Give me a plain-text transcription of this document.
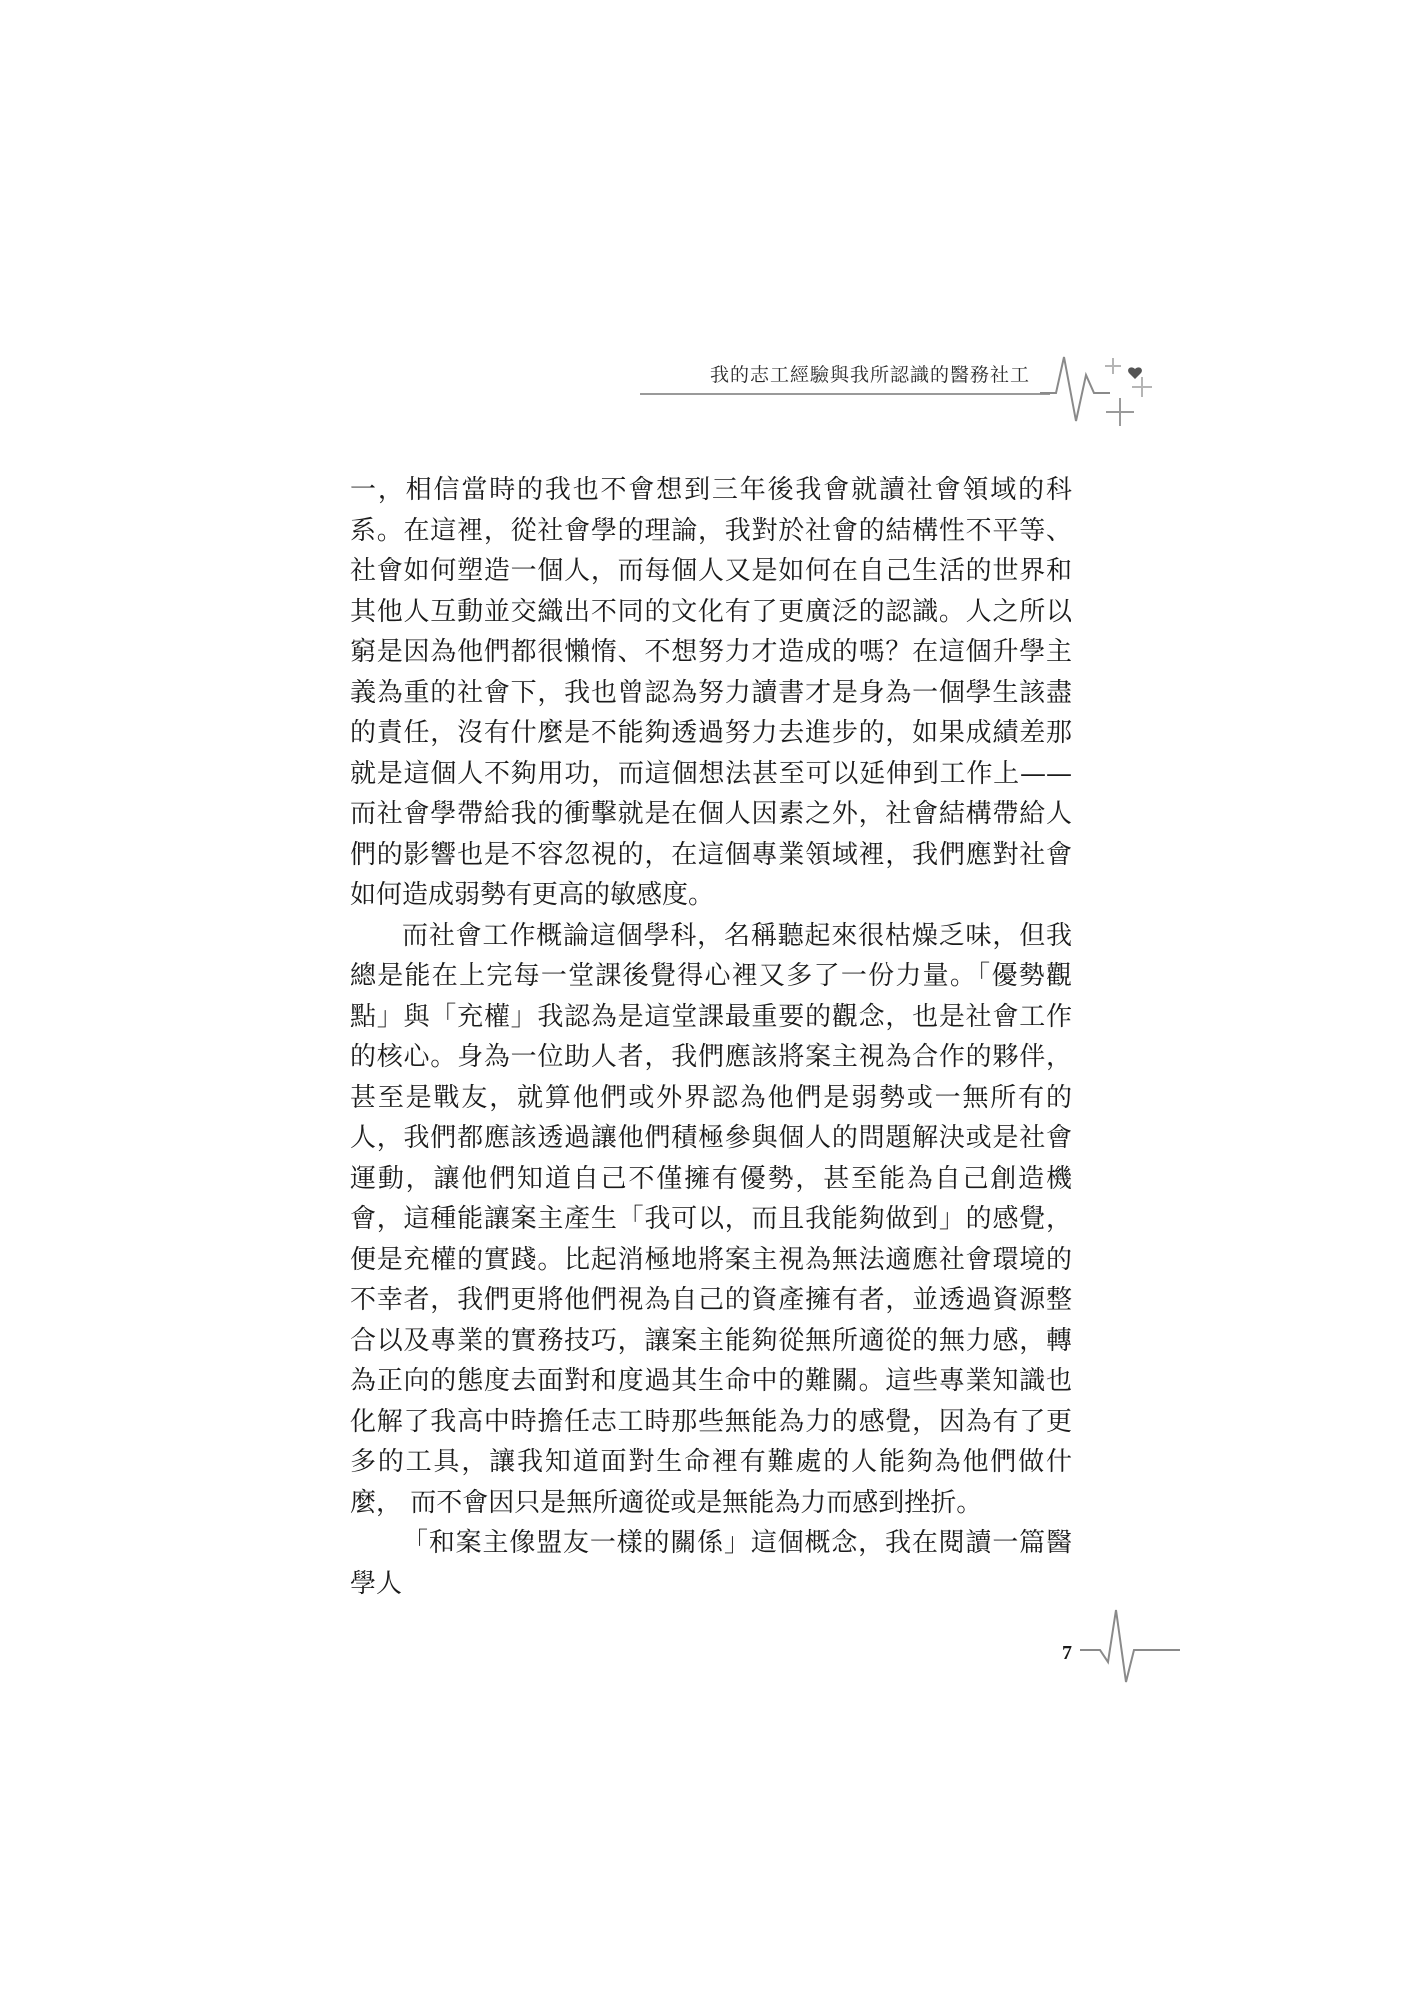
我的志工經驗與我所認識的醫務社工

一，相信當時的我也不會想到三年後我會就讀社會領域的科系。在這裡，從社會學的理論，我對於社會的結構性不平等、社會如何塑造一個人，而每個人又是如何在自己生活的世界和其他人互動並交織出不同的文化有了更廣泛的認識。人之所以窮是因為他們都很懶惰、不想努力才造成的嗎？在這個升學主義為重的社會下，我也曾認為努力讀書才是身為一個學生該盡的責任，沒有什麼是不能夠透過努力去進步的，如果成績差那就是這個人不夠用功，而這個想法甚至可以延伸到工作上——而社會學帶給我的衝擊就是在個人因素之外，社會結構帶給人們的影響也是不容忽視的，在這個專業領域裡，我們應對社會如何造成弱勢有更高的敏感度。

而社會工作概論這個學科，名稱聽起來很枯燥乏味，但我總是能在上完每一堂課後覺得心裡又多了一份力量。「優勢觀點」與「充權」我認為是這堂課最重要的觀念，也是社會工作的核心。身為一位助人者，我們應該將案主視為合作的夥伴，甚至是戰友，就算他們或外界認為他們是弱勢或一無所有的人，我們都應該透過讓他們積極參與個人的問題解決或是社會運動，讓他們知道自己不僅擁有優勢，甚至能為自己創造機會，這種能讓案主產生「我可以，而且我能夠做到」的感覺，便是充權的實踐。比起消極地將案主視為無法適應社會環境的不幸者，我們更將他們視為自己的資產擁有者，並透過資源整合以及專業的實務技巧，讓案主能夠從無所適從的無力感，轉為正向的態度去面對和度過其生命中的難關。這些專業知識也化解了我高中時擔任志工時那些無能為力的感覺，因為有了更多的工具，讓我知道面對生命裡有難處的人能夠為他們做什麼， 而不會因只是無所適從或是無能為力而感到挫折。

「和案主像盟友一樣的關係」這個概念，我在閱讀一篇醫學人

7
